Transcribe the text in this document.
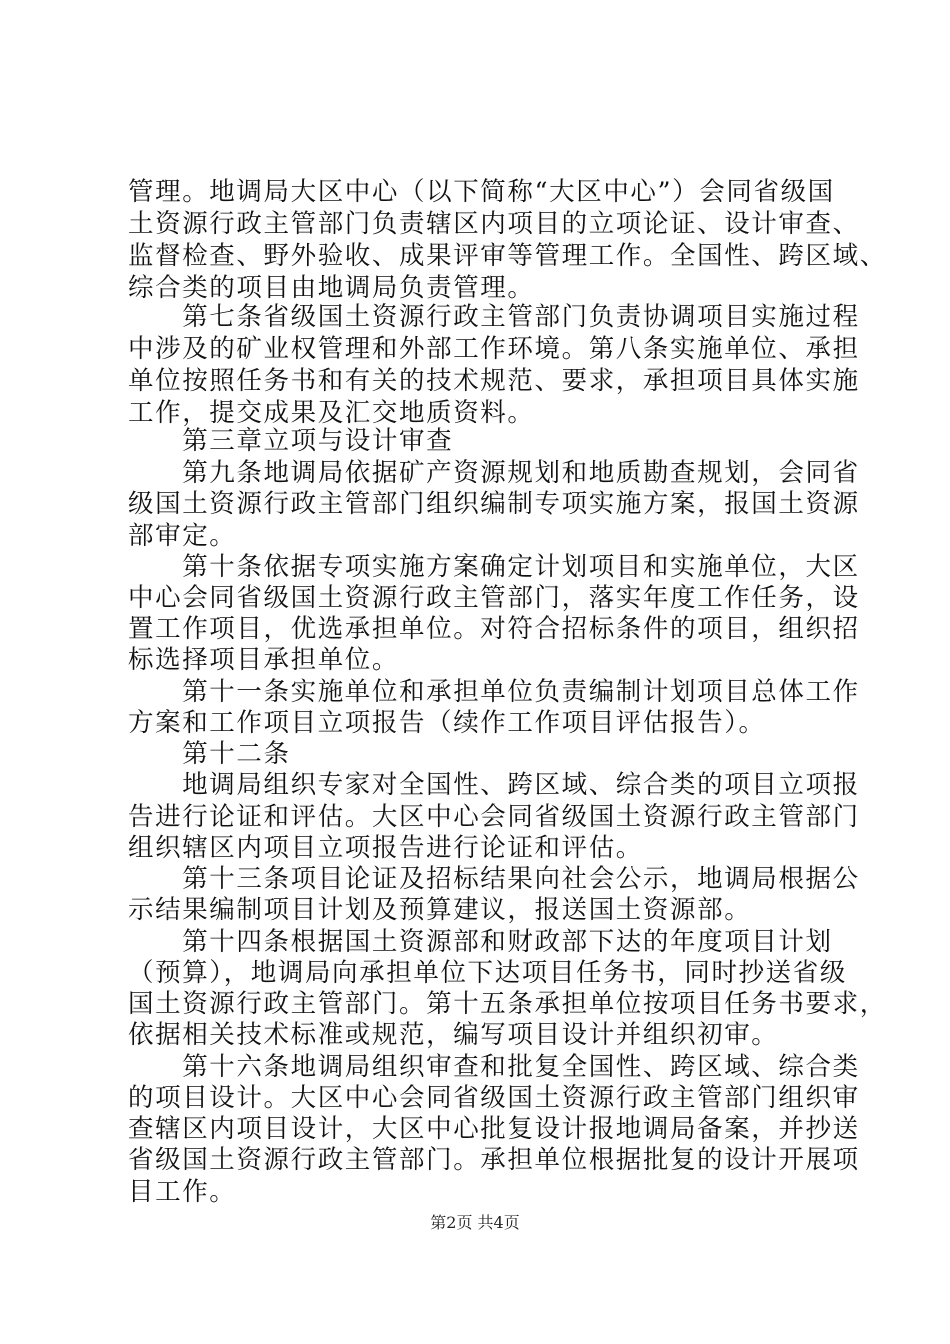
管理。地调局大区中心（以下简称“大区中心”）会同省级国
土资源行政主管部门负责辖区内项目的立项论证、设计审查、
监督检查、野外验收、成果评审等管理工作。全国性、跨区域、
综合类的项目由地调局负责管理。
　　第七条省级国土资源行政主管部门负责协调项目实施过程
中涉及的矿业权管理和外部工作环境。第八条实施单位、承担
单位按照任务书和有关的技术规范、要求，承担项目具体实施
工作，提交成果及汇交地质资料。
　　第三章立项与设计审查
　　第九条地调局依据矿产资源规划和地质勘查规划，会同省
级国土资源行政主管部门组织编制专项实施方案，报国土资源
部审定。
　　第十条依据专项实施方案确定计划项目和实施单位，大区
中心会同省级国土资源行政主管部门，落实年度工作任务，设
置工作项目，优选承担单位。对符合招标条件的项目，组织招
标选择项目承担单位。
　　第十一条实施单位和承担单位负责编制计划项目总体工作
方案和工作项目立项报告（续作工作项目评估报告）。
　　第十二条
　　地调局组织专家对全国性、跨区域、综合类的项目立项报
告进行论证和评估。大区中心会同省级国土资源行政主管部门
组织辖区内项目立项报告进行论证和评估。
　　第十三条项目论证及招标结果向社会公示，地调局根据公
示结果编制项目计划及预算建议，报送国土资源部。
　　第十四条根据国土资源部和财政部下达的年度项目计划
（预算），地调局向承担单位下达项目任务书，同时抄送省级
国土资源行政主管部门。第十五条承担单位按项目任务书要求，
依据相关技术标准或规范，编写项目设计并组织初审。
　　第十六条地调局组织审查和批复全国性、跨区域、综合类
的项目设计。大区中心会同省级国土资源行政主管部门组织审
查辖区内项目设计，大区中心批复设计报地调局备案，并抄送
省级国土资源行政主管部门。承担单位根据批复的设计开展项
目工作。
第2页 共4页
